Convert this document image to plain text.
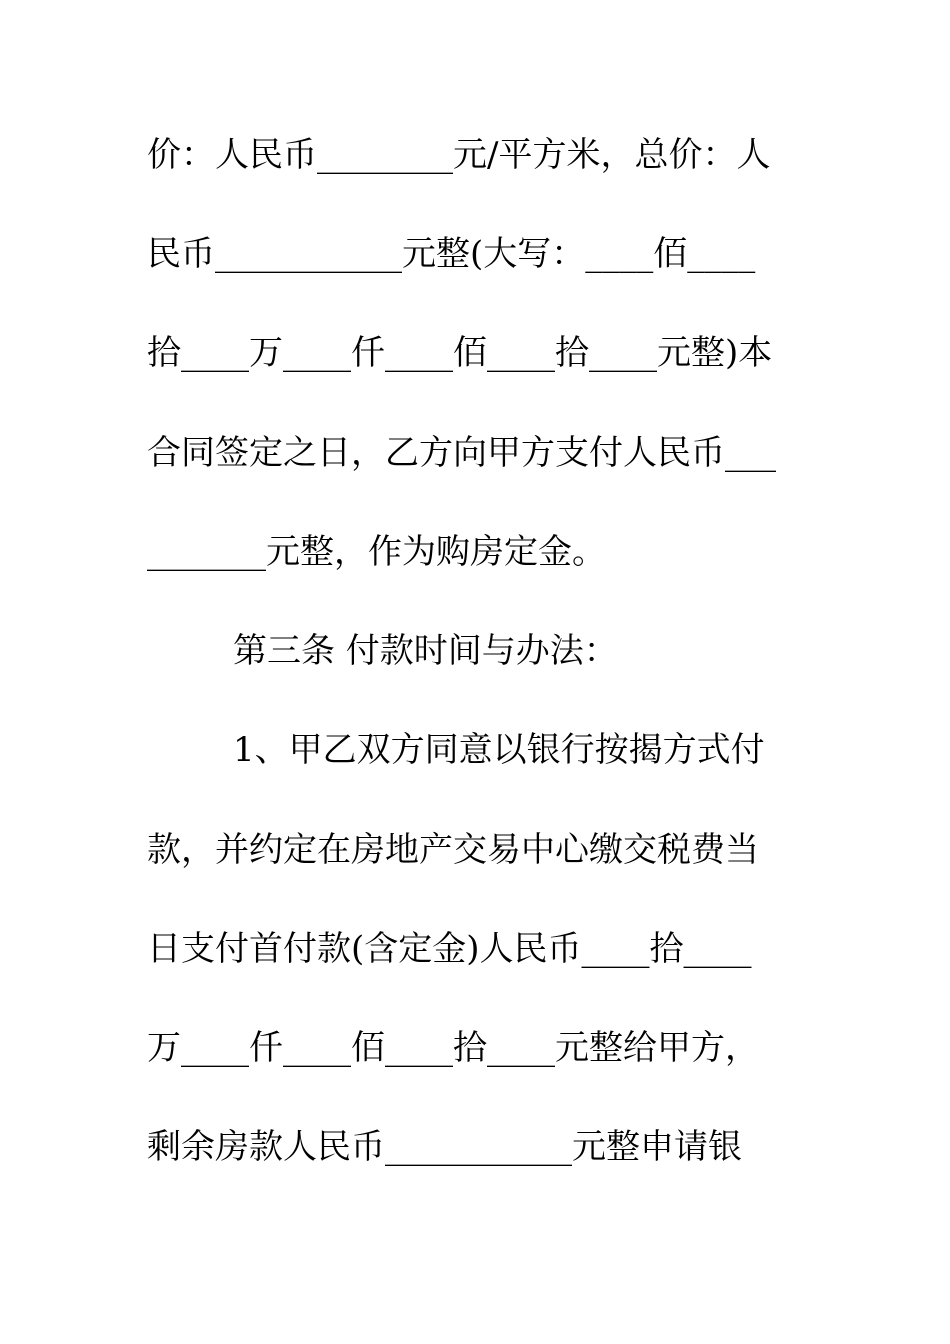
价：人民币________元/平方米，总价：人
民币___________元整(大写：____佰____
拾____万____仟____佰____拾____元整)本
合同签定之日，乙方向甲方支付人民币___
_______元整，作为购房定金。
第三条 付款时间与办法：
1、甲乙双方同意以银行按揭方式付
款，并约定在房地产交易中心缴交税费当
日支付首付款(含定金)人民币____拾____
万____仟____佰____拾____元整给甲方，
剩余房款人民币___________元整申请银
